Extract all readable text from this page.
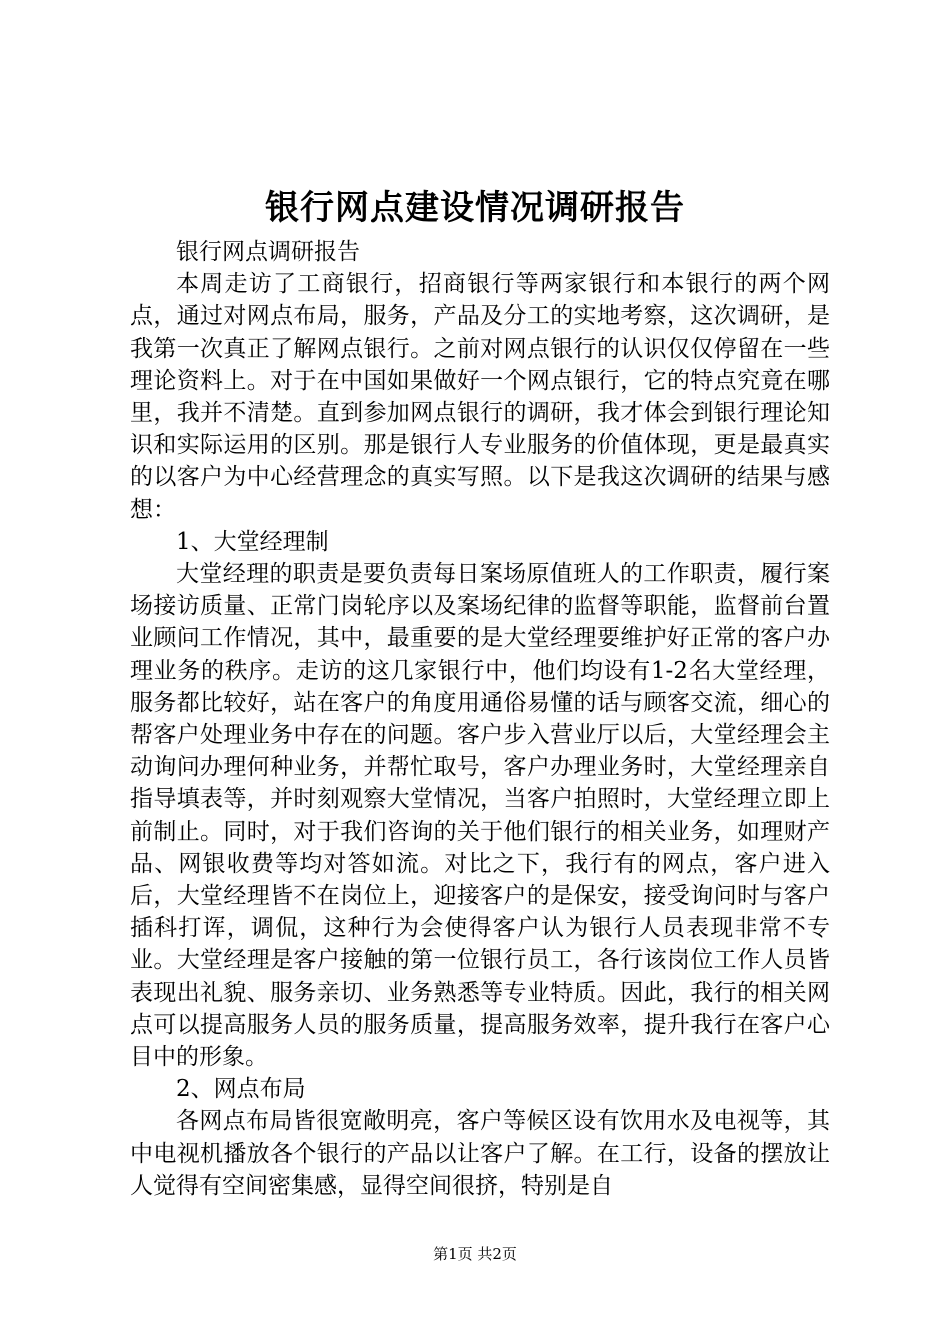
银行网点建设情况调研报告

银行网点调研报告

本周走访了工商银行，招商银行等两家银行和本银行的两个网点，通过对网点布局，服务，产品及分工的实地考察，这次调研，是我第一次真正了解网点银行。之前对网点银行的认识仅仅停留在一些理论资料上。对于在中国如果做好一个网点银行，它的特点究竟在哪里，我并不清楚。直到参加网点银行的调研，我才体会到银行理论知识和实际运用的区别。那是银行人专业服务的价值体现，更是最真实的以客户为中心经营理念的真实写照。以下是我这次调研的结果与感想：

1、大堂经理制

大堂经理的职责是要负责每日案场原值班人的工作职责，履行案场接访质量、正常门岗轮序以及案场纪律的监督等职能，监督前台置业顾问工作情况，其中，最重要的是大堂经理要维护好正常的客户办理业务的秩序。走访的这几家银行中，他们均设有1-2名大堂经理，服务都比较好，站在客户的角度用通俗易懂的话与顾客交流，细心的帮客户处理业务中存在的问题。客户步入营业厅以后，大堂经理会主动询问办理何种业务，并帮忙取号，客户办理业务时，大堂经理亲自指导填表等，并时刻观察大堂情况，当客户拍照时，大堂经理立即上前制止。同时，对于我们咨询的关于他们银行的相关业务，如理财产品、网银收费等均对答如流。对比之下，我行有的网点，客户进入后，大堂经理皆不在岗位上，迎接客户的是保安，接受询问时与客户插科打诨，调侃，这种行为会使得客户认为银行人员表现非常不专业。大堂经理是客户接触的第一位银行员工，各行该岗位工作人员皆表现出礼貌、服务亲切、业务熟悉等专业特质。因此，我行的相关网点可以提高服务人员的服务质量，提高服务效率，提升我行在客户心目中的形象。

2、网点布局

各网点布局皆很宽敞明亮，客户等候区设有饮用水及电视等，其中电视机播放各个银行的产品以让客户了解。在工行，设备的摆放让人觉得有空间密集感，显得空间很挤，特别是自

第1页 共2页
